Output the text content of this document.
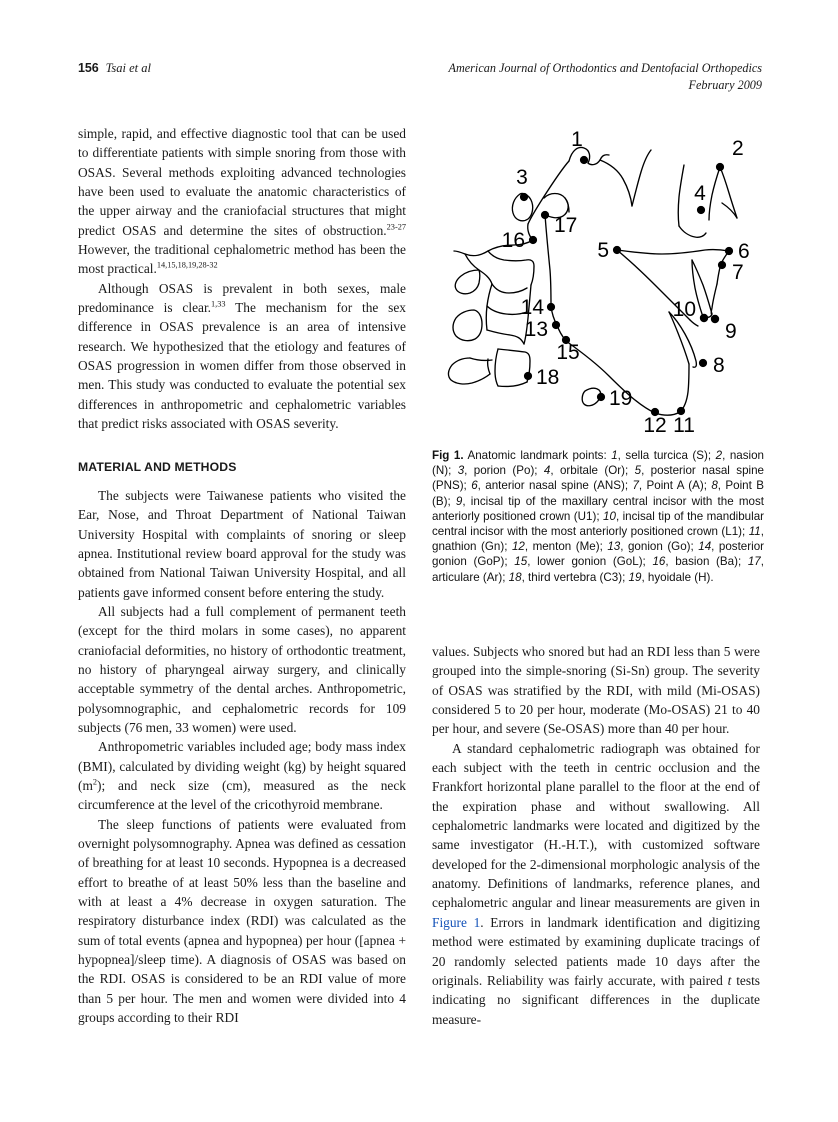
156 Tsai et al	American Journal of Orthodontics and Dentofacial Orthopedics
February 2009

simple, rapid, and effective diagnostic tool that can be used to differentiate patients with simple snoring from those with OSAS. Several methods exploiting advanced technologies have been used to evaluate the anatomic characteristics of the upper airway and the craniofacial structures that might predict OSAS and determine the sites of obstruction.$^{23-27}$ However, the traditional cephalometric method has been the most practical.$^{14,15,18,19,28-32}$

Although OSAS is prevalent in both sexes, male predominance is clear.$^{1,33}$ The mechanism for the sex difference in OSAS prevalence is an area of intensive research. We hypothesized that the etiology and features of OSAS progression in women differ from those observed in men. This study was conducted to evaluate the potential sex differences in anthropometric and cephalometric variables that predict risks associated with OSAS severity.

MATERIAL AND METHODS

The subjects were Taiwanese patients who visited the Ear, Nose, and Throat Department of National Taiwan University Hospital with complaints of snoring or sleep apnea. Institutional review board approval for the study was obtained from National Taiwan University Hospital, and all patients gave informed consent before entering the study.

All subjects had a full complement of permanent teeth (except for the third molars in some cases), no apparent craniofacial deformities, no history of orthodontic treatment, no history of pharyngeal airway surgery, and clinically acceptable symmetry of the dental arches. Anthropometric, polysomnographic, and cephalometric records for 109 subjects (76 men, 33 women) were used.

Anthropometric variables included age; body mass index (BMI), calculated by dividing weight (kg) by height squared $(m^2)$; and neck size (cm), measured as the neck circumference at the level of the cricothyroid membrane.

The sleep functions of patients were evaluated from overnight polysomnography. Apnea was defined as cessation of breathing for at least 10 seconds. Hypopnea is a decreased effort to breathe of at least 50% less than the baseline and with at least a 4% decrease in oxygen saturation. The respiratory disturbance index (RDI) was calculated as the sum of total events (apnea and hypopnea) per hour ([apnea + hypopnea]/sleep time). A diagnosis of OSAS was based on the RDI. OSAS is considered to be an RDI value of more than 5 per hour. The men and women were divided into 4 groups according to their RDI

1	2
3
4
5	6
7
8
9
10
11
12
13
14
15
16
17
18
19
Fig 1. Anatomic landmark points: 1, sella turcica (S); 2, nasion (N); 3, porion (Po); 4, orbitale (Or); 5, posterior nasal spine (PNS); 6, anterior nasal spine (ANS); 7, Point A (A); 8, Point B (B); 9, incisal tip of the maxillary central incisor with the most anteriorly positioned crown (U1); 10, incisal tip of the mandibular central incisor with the most anteriorly positioned crown (L1); 11, gnathion (Gn); 12, menton (Me); 13, gonion (Go); 14, posterior gonion (GoP); 15, lower gonion (GoL); 16, basion (Ba); 17, articulare (Ar); 18, third vertebra (C3); 19, hyoidale (H).

values. Subjects who snored but had an RDI less than 5 were grouped into the simple-snoring (Si-Sn) group. The severity of OSAS was stratified by the RDI, with mild (Mi-OSAS) considered 5 to 20 per hour, moderate (Mo-OSAS) 21 to 40 per hour, and severe (Se-OSAS) more than 40 per hour.

A standard cephalometric radiograph was obtained for each subject with the teeth in centric occlusion and the Frankfort horizontal plane parallel to the floor at the end of the expiration phase and without swallowing. All cephalometric landmarks were located and digitized by the same investigator (H.-H.T.), with customized software developed for the 2-dimensional morphologic analysis of the anatomy. Definitions of landmarks, reference planes, and cephalometric angular and linear measurements are given in Figure 1. Errors in landmark identification and digitizing method were estimated by examining duplicate tracings of 20 randomly selected patients made 10 days after the originals. Reliability was fairly accurate, with paired t tests indicating no significant differences in the duplicate measure-
